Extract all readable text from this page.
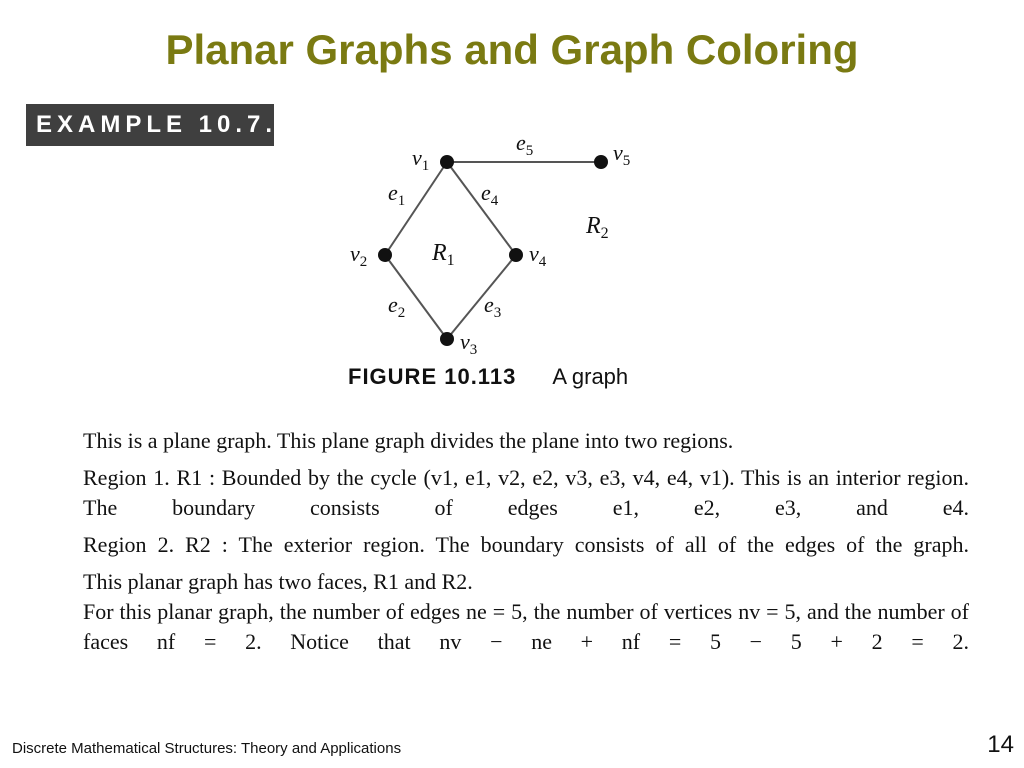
Planar Graphs and Graph Coloring
EXAMPLE 10.7.4
$v_1$
$v_2$
$v_3$
$v_4$
$v_5$
$e_1$
$e_2$	$e_3$
$e_4$
$e_5$
$R_1$
$R_2$
FIGURE 10.113 A graph

This is a plane graph. This plane graph divides the plane into two regions.

Region 1. R1 : Bounded by the cycle (v1, e1, v2, e2, v3, e3, v4, e4, v1). This is an interior region. The boundary consists of edges e1, e2, e3, and e4.

Region 2. R2 : The exterior region. The boundary consists of all of the edges of the graph.

This planar graph has two faces, R1 and R2.

For this planar graph, the number of edges ne = 5, the number of vertices nv = 5, and the number of faces nf = 2. Notice that nv − ne + nf = 5 − 5 + 2 = 2.

Discrete Mathematical Structures: Theory and Applications	14
